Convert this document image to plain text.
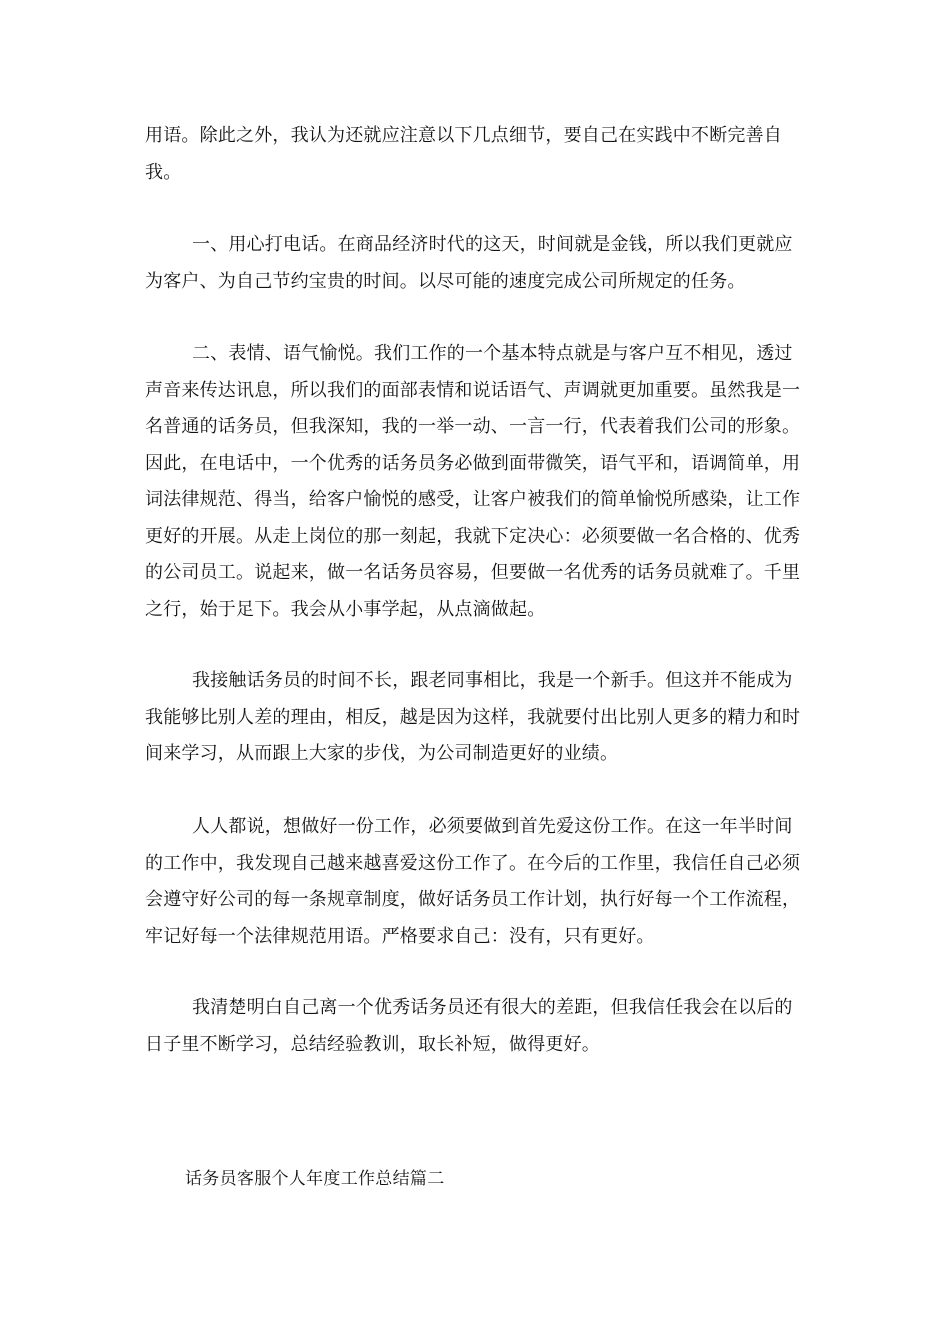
用语。除此之外，我认为还就应注意以下几点细节，要自己在实践中不断完善自我。

一、用心打电话。在商品经济时代的这天，时间就是金钱，所以我们更就应为客户、为自己节约宝贵的时间。以尽可能的速度完成公司所规定的任务。

二、表情、语气愉悦。我们工作的一个基本特点就是与客户互不相见，透过声音来传达讯息，所以我们的面部表情和说话语气、声调就更加重要。虽然我是一名普通的话务员，但我深知，我的一举一动、一言一行，代表着我们公司的形象。因此，在电话中，一个优秀的话务员务必做到面带微笑，语气平和，语调简单，用词法律规范、得当，给客户愉悦的感受，让客户被我们的简单愉悦所感染，让工作更好的开展。从走上岗位的那一刻起，我就下定决心：必须要做一名合格的、优秀的公司员工。说起来，做一名话务员容易，但要做一名优秀的话务员就难了。千里之行，始于足下。我会从小事学起，从点滴做起。

我接触话务员的时间不长，跟老同事相比，我是一个新手。但这并不能成为我能够比别人差的理由，相反，越是因为这样，我就要付出比别人更多的精力和时间来学习，从而跟上大家的步伐，为公司制造更好的业绩。

人人都说，想做好一份工作，必须要做到首先爱这份工作。在这一年半时间的工作中，我发现自己越来越喜爱这份工作了。在今后的工作里，我信任自己必须会遵守好公司的每一条规章制度，做好话务员工作计划，执行好每一个工作流程，牢记好每一个法律规范用语。严格要求自己：没有，只有更好。

我清楚明白自己离一个优秀话务员还有很大的差距，但我信任我会在以后的日子里不断学习，总结经验教训，取长补短，做得更好。

话务员客服个人年度工作总结篇二
